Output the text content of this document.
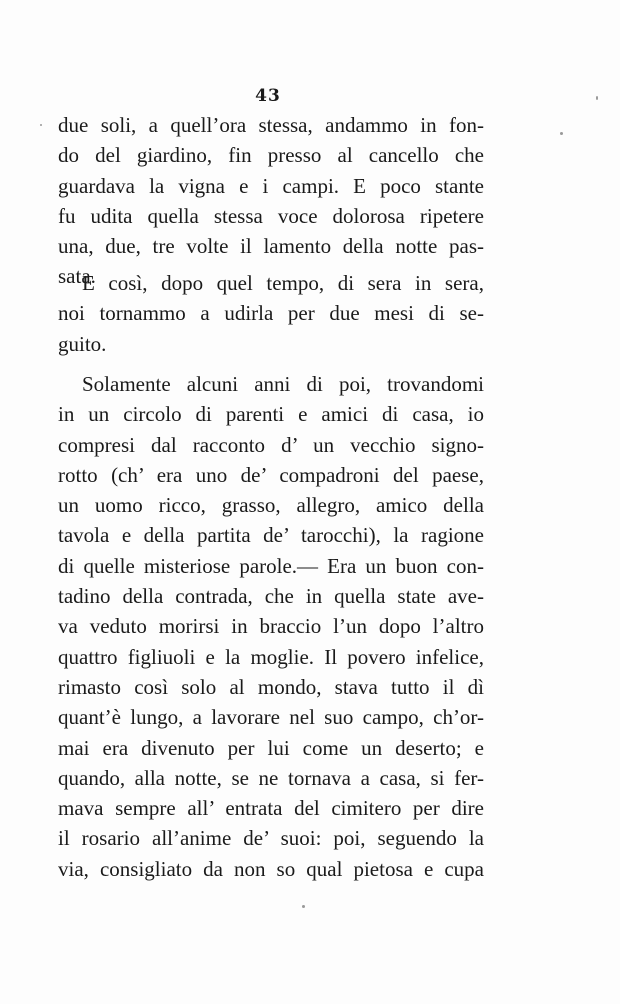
43
due soli, a quell’ora stessa, andammo in fon-
do del giardino, fin presso al cancello che
guardava la vigna e i campi. E poco stante
fu udita quella stessa voce dolorosa ripetere
una, due, tre volte il lamento della notte pas-
sata.
E così, dopo quel tempo, di sera in sera,
noi tornammo a udirla per due mesi di se-
guito.
Solamente alcuni anni di poi, trovandomi
in un circolo di parenti e amici di casa, io
compresi dal racconto d’ un vecchio signo-
rotto (ch’ era uno de’ compadroni del paese,
un uomo ricco, grasso, allegro, amico della
tavola e della partita de’ tarocchi), la ragione
di quelle misteriose parole.— Era un buon con-
tadino della contrada, che in quella state ave-
va veduto morirsi in braccio l’un dopo l’altro
quattro figliuoli e la moglie. Il povero infelice,
rimasto così solo al mondo, stava tutto il dì
quant’è lungo, a lavorare nel suo campo, ch’or-
mai era divenuto per lui come un deserto; e
quando, alla notte, se ne tornava a casa, si fer-
mava sempre all’ entrata del cimitero per dire
il rosario all’anime de’ suoi: poi, seguendo la
via, consigliato da non so qual pietosa e cupa
